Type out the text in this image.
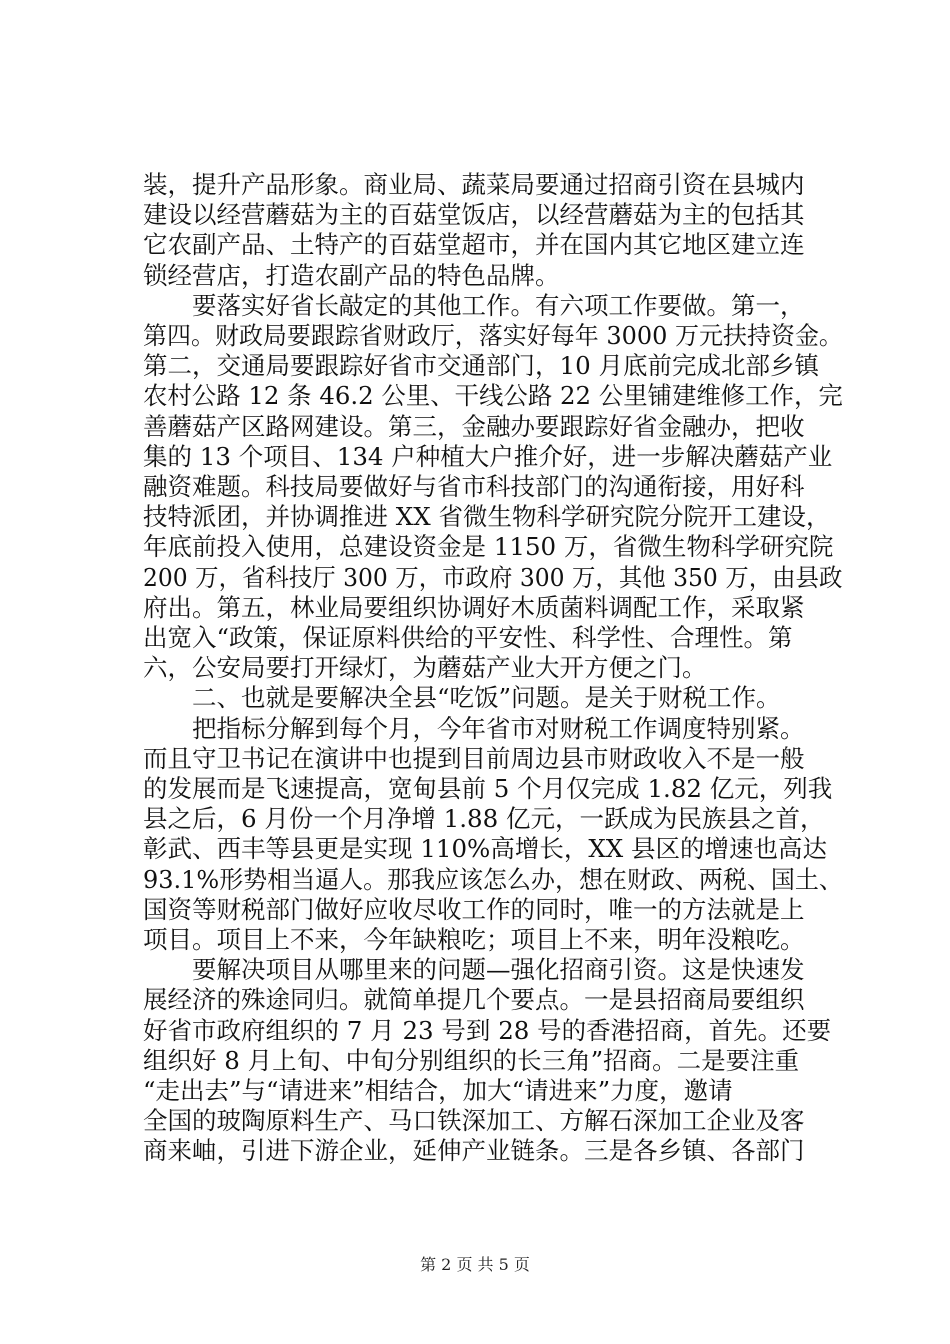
装，提升产品形象。商业局、蔬菜局要通过招商引资在县城内
建设以经营蘑菇为主的百菇堂饭店，以经营蘑菇为主的包括其
它农副产品、土特产的百菇堂超市，并在国内其它地区建立连
锁经营店，打造农副产品的特色品牌。
　　要落实好省长敲定的其他工作。有六项工作要做。第一，
第四。财政局要跟踪省财政厅，落实好每年 3000 万元扶持资金。
第二，交通局要跟踪好省市交通部门，10 月底前完成北部乡镇
农村公路 12 条 46.2 公里、干线公路 22 公里铺建维修工作，完
善蘑菇产区路网建设。第三，金融办要跟踪好省金融办，把收
集的 13 个项目、134 户种植大户推介好，进一步解决蘑菇产业
融资难题。科技局要做好与省市科技部门的沟通衔接，用好科
技特派团，并协调推进 XX 省微生物科学研究院分院开工建设，
年底前投入使用，总建设资金是 1150 万，省微生物科学研究院
200 万，省科技厅 300 万，市政府 300 万，其他 350 万，由县政
府出。第五，林业局要组织协调好木质菌料调配工作，采取紧
出宽入“政策，保证原料供给的平安性、科学性、合理性。第
六，公安局要打开绿灯，为蘑菇产业大开方便之门。
　　二、也就是要解决全县“吃饭”问题。是关于财税工作。
　　把指标分解到每个月，今年省市对财税工作调度特别紧。
而且守卫书记在演讲中也提到目前周边县市财政收入不是一般
的发展而是飞速提高，宽甸县前 5 个月仅完成 1.82 亿元，列我
县之后，6 月份一个月净增 1.88 亿元，一跃成为民族县之首，
彰武、西丰等县更是实现 110%高增长，XX 县区的增速也高达
93.1%形势相当逼人。那我应该怎么办，想在财政、两税、国土、
国资等财税部门做好应收尽收工作的同时，唯一的方法就是上
项目。项目上不来，今年缺粮吃；项目上不来，明年没粮吃。
　　要解决项目从哪里来的问题—强化招商引资。这是快速发
展经济的殊途同归。就简单提几个要点。一是县招商局要组织
好省市政府组织的 7 月 23 号到 28 号的香港招商，首先。还要
组织好 8 月上旬、中旬分别组织的长三角”招商。二是要注重
“走出去”与“请进来”相结合，加大“请进来”力度，邀请
全国的玻陶原料生产、马口铁深加工、方解石深加工企业及客
商来岫，引进下游企业，延伸产业链条。三是各乡镇、各部门
第 2 页 共 5 页
